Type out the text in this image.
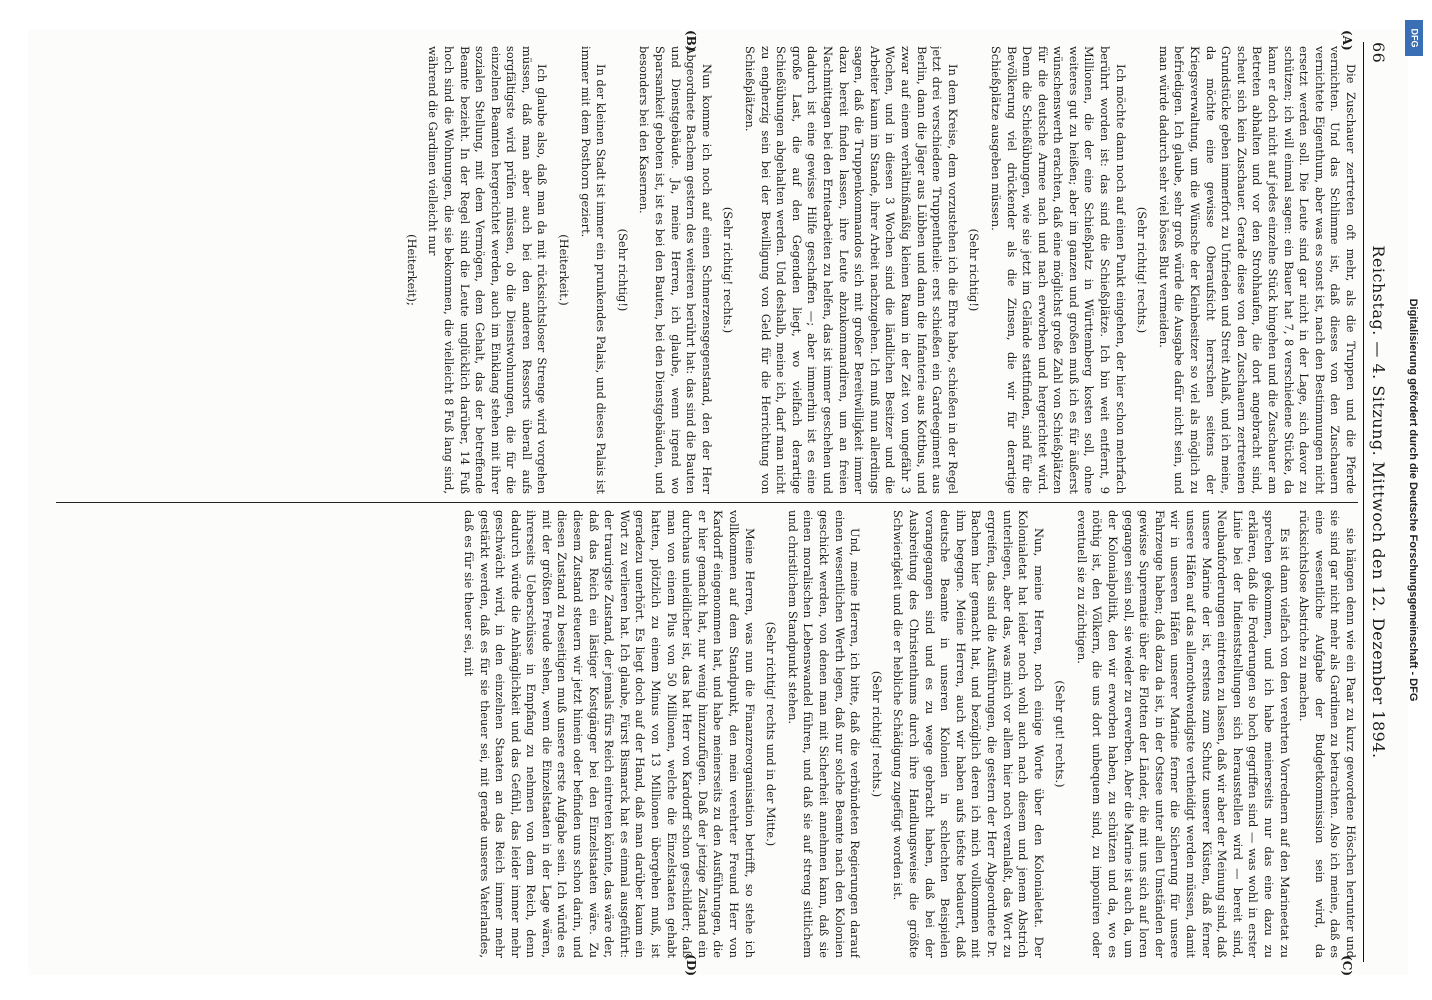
66
Reichstag. — 4. Sitzung. Mittwoch den 12. Dezember 1894.
(A)
(B)
(C)
(D)

Die Zuschauer zertreten oft mehr, als die Truppen und die Pferde vernichten. Und das Schlimme ist, daß dieses von den Zuschauern vernichtete Eigenthum, aber was es sonst ist, nach den Bestimmungen nicht ersetzt werden soll. Die Leute sind gar nicht in der Lage, sich davor zu schützen; ich will einmal sagen: ein Bauer hat 7, 8 verschiedene Stücke, da kann er doch nicht auf jedes einzelne Stück hingehen und die Zuschauer am Betreten abhalten und vor den Strohhaufen, die dort angebracht sind, scheut sich kein Zuschauer. Gerade diese von den Zuschauern zertretenen Grundstücke geben immerfort zu Unfrieden und Streit Anlaß, und ich meine, da möchte eine gewisse Oberaufsicht herrschen seitens der Kriegsverwaltung, um die Wünsche der Kleinbesitzer so viel als möglich zu befriedigen. Ich glaube, sehr groß würde die Ausgabe dafür nicht sein, und man würde dadurch sehr viel böses Blut vermeiden.

(Sehr richtig! rechts.)

Ich möchte dann noch auf einen Punkt eingehen, der hier schon mehrfach berührt worden ist: das sind die Schießplätze. Ich bin weit entfernt, 9 Millionen, die der eine Schießplatz in Württemberg kosten soll, ohne weiteres gut zu heißen; aber im ganzen und großen muß ich es für äußerst wünschenswerth erachten, daß eine möglichst große Zahl von Schießplätzen für die deutsche Armee nach und nach erworben und hergerichtet wird. Denn die Schießübungen, wie sie jetzt im Gelände stattfinden, sind für die Bevölkerung viel drückender als die Zinsen, die wir für derartige Schießplätze ausgeben müssen.

(Sehr richtig!)

In dem Kreise, dem vorzustehen ich die Ehre habe, schießen in der Regel jetzt drei verschiedene Truppentheile: erst schießen ein Gardeegiment aus Berlin, dann die Jäger aus Lübben und dann die Infanterie aus Kottbus, und zwar auf einem verhältnißmäßig kleinen Raum in der Zeit von ungefähr 3 Wochen, und in diesen 3 Wochen sind die ländlichen Besitzer und die Arbeiter kaum im Stande, ihrer Arbeit nachzugehen. Ich muß nun allerdings sagen, daß die Truppenkommandos sich mit großer Bereitwilligkeit immer dazu bereit finden lassen, ihre Leute abzukommandiren, um an freien Nachmittagen bei den Erntearbeiten zu helfen, das ist immer geschehen und dadurch ist eine gewisse Hilfe geschaffen —; aber immerhin ist es eine große Last, die auf den Gegenden liegt, wo vielfach derartige Schießübungen abgehalten werden. Und deshalb, meine ich, darf man nicht zu engherzig sein bei der Bewilligung von Geld für die Herrichtung von Schießplätzen.

(Sehr richtig! rechts.)

Nun komme ich noch auf einen Schmerzensgegenstand, den der Herr Abgeordnete Bachem gestern des weiteren berührt hat: das sind die Bauten und Dienstgebäude. Ja, meine Herren, ich glaube, wenn irgend wo Sparsamkeit geboten ist, ist es bei den Bauten, bei den Dienstgebäuden, und besonders bei den Kasernen.

(Sehr richtig!)

In der kleinen Stadt ist immer ein prunkendes Palais, und dieses Palais ist immer mit dem Posthorn geziert.

(Heiterkeit.)

Ich glaube also, daß man da mit rücksichtsloser Strenge wird vorgehen müssen, daß man aber auch bei den anderen Ressorts überall aufs sorgfältigste wird prüfen müssen, ob die Dienstwohnungen, die für die einzelnen Beamten hergerichtet werden, auch im Einklang stehen mit ihrer sozialen Stellung, mit dem Vermögen, dem Gehalt, das der betreffende Beamte bezieht. In der Regel sind die Leute unglücklich darüber, 14 Fuß hoch sind die Wohnungen, die sie bekommen, die vielleicht 8 Fuß lang sind, während die Gardinen vielleicht nur

(Heiterkeit);

sie hängen denn wie ein Paar zu kurz gewordene Höschen herunter und sie sind gar nicht mehr als Gardinen zu betrachten. Also ich meine, daß es eine wesentliche Aufgabe der Budgetkommission sein wird, da rücksichtslose Abstriche zu machen.

Es ist dann vielfach von den verehrten Vorrednern auf den Marineetat zu sprechen gekommen, und ich habe meinerseits nur das eine dazu zu erklären, daß die Forderungen so hoch gegriffen sind — was wohl in erster Linie bei der Indienststellungen sich herausstellen wird — bereit sind, Neubauforderungen eintreten zu lassen, daß wir aber der Meinung sind, daß unsere Marine der ist, erstens zum Schutz unserer Küsten, daß ferner unsere Häfen auf das allernothwendigste vertheidigt werden müssen, damit wir in unseren Häfen unserer Marine ferner die Sicherung für unsere Fahrzeuge haben; daß dazu da ist, in der Ostsee unter allen Umständen der gewisse Suprematie über die Flotten der Länder, die mit uns sich auf loren gegangen sein soll, sie wieder zu erwerben. Aber die Marine ist auch da, um der Kolonialpolitik, den wir erworben haben, zu schützen und da, wo es nöthig ist, den Völkern, die uns dort unbequem sind, zu imponiren oder eventuell sie zu züchtigen.

(Sehr gut! rechts.)

Nun, meine Herren, noch einige Worte über den Kolonialetat. Der Kolonialetat hat leider noch wohl auch nach diesem und jenem Abstrich unterliegen, aber das, was mich vor allem hier noch veranlaßt, das Wort zu ergreifen, das sind die Ausführungen, die gestern der Herr Abgeordnete Dr. Bachem hier gemacht hat, und bezüglich deren ich mich vollkommen mit ihm begegne. Meine Herren, auch wir haben aufs tiefste bedauert, daß deutsche Beamte in unseren Kolonien in schlechten Beispielen vorangegangen sind und es zu wege gebracht haben, daß bei der Ausbreitung des Christenthums durch ihre Handlungsweise die größte Schwierigkeit und die er hebliche Schädigung zugefügt worden ist.

(Sehr richtig! rechts.)

Und, meine Herren, ich bitte, daß die verbündeten Regierungen darauf einen wesentlichen Werth legen, daß nur solche Beamte nach den Kolonien geschickt werden, von denen man mit Sicherheit annehmen kann, daß sie einen moralischen Lebenswandel führen, und daß sie auf streng sittlichem und christlichem Standpunkt stehen.

(Sehr richtig! rechts und in der Mitte.)

Meine Herren, was nun die Finanzreorganisation betrifft, so stehe ich vollkommen auf dem Standpunkt, den mein verehrter Freund Herr von Kardorff eingenommen hat, und habe meinerseits zu den Ausführungen, die er hier gemacht hat, nur wenig hinzuzufügen. Daß der jetzige Zustand ein durchaus unleidlicher ist, das hat Herr von Kardorff schon geschildert; daß man von einem Plus von 50 Millionen, welche die Einzelstaaten gehabt hatten, plötzlich zu einem Minus von 13 Millionen übergehen muß, ist geradezu unerhört. Es liegt doch auf der Hand, daß man darüber kaum ein Wort zu verlieren hat. Ich glaube, Fürst Bismarck hat es einmal ausgeführt: der traurigste Zustand, der jemals fürs Reich eintreten könnte, das wäre der, daß das Reich ein lästiger Kostgänger bei den Einzelstaaten wäre. Zu diesem Zustand steuern wir jetzt hinein oder befinden uns schon darin, und diesen Zustand zu beseitigen muß unsere erste Aufgabe sein. Ich würde es mit der größten Freude sehen, wenn die Einzelstaaten in der Lage wären, ihrerseits Ueberschüsse in Empfang zu nehmen von dem Reich, denn dadurch würde die Anhänglichkeit und das Gefühl, das leider immer mehr geschwächt wird, in den einzelnen Staaten an das Reich immer mehr gestärkt werden, daß es für sie theuer sei, mit gerade unseres Vaterlandes, daß es für sie theuer sei, mit

DFG
Digitalisierung gefördert durch die Deutsche Forschungsgemeinschaft - DFG
